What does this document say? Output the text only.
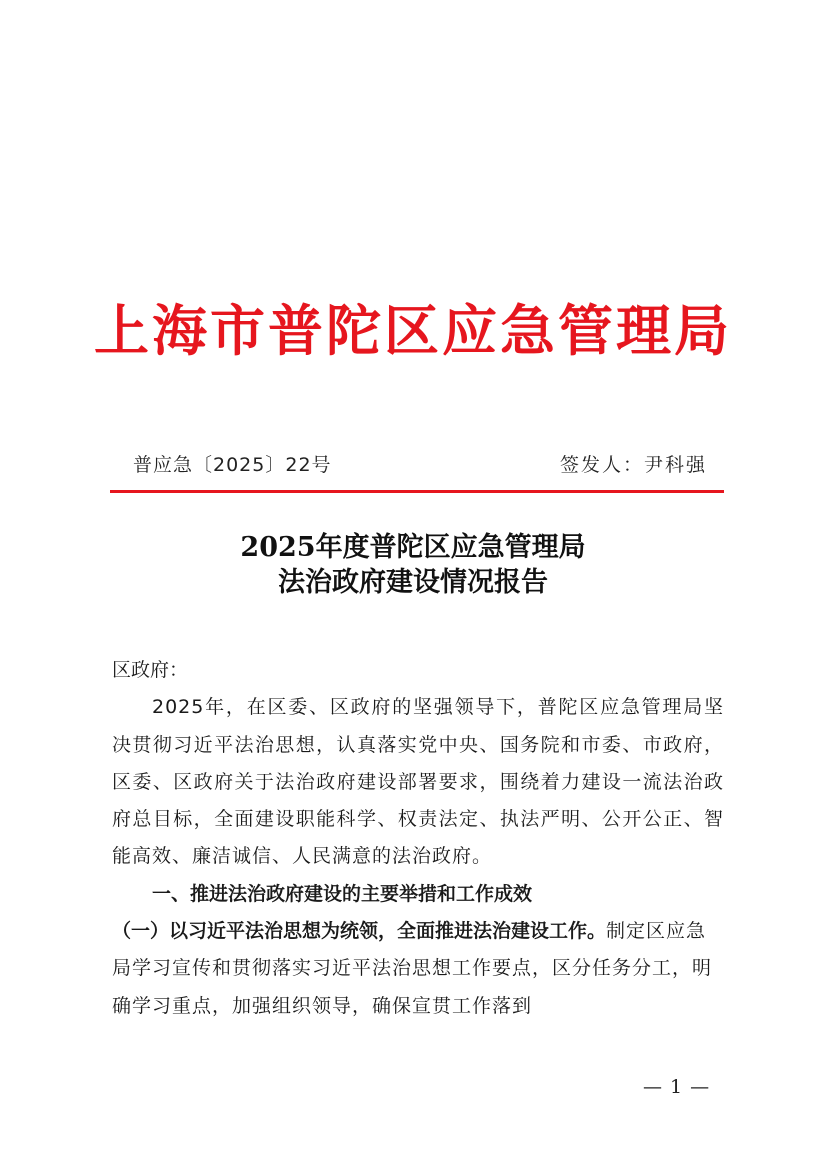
上海市普陀区应急管理局
普应急〔2025〕22号	签发人：尹科强
2025年度普陀区应急管理局
法治政府建设情况报告

区政府：

2025年，在区委、区政府的坚强领导下，普陀区应急管理局坚决贯彻习近平法治思想，认真落实党中央、国务院和市委、市政府，区委、区政府关于法治政府建设部署要求，围绕着力建设一流法治政府总目标，全面建设职能科学、权责法定、执法严明、公开公正、智能高效、廉洁诚信、人民满意的法治政府。

一、推进法治政府建设的主要举措和工作成效

（一）以习近平法治思想为统领，全面推进法治建设工作。

制定区应急局学习宣传和贯彻落实习近平法治思想工作要点，区分任务分工，明确学习重点，加强组织领导，确保宣贯工作落到
— 1 —
